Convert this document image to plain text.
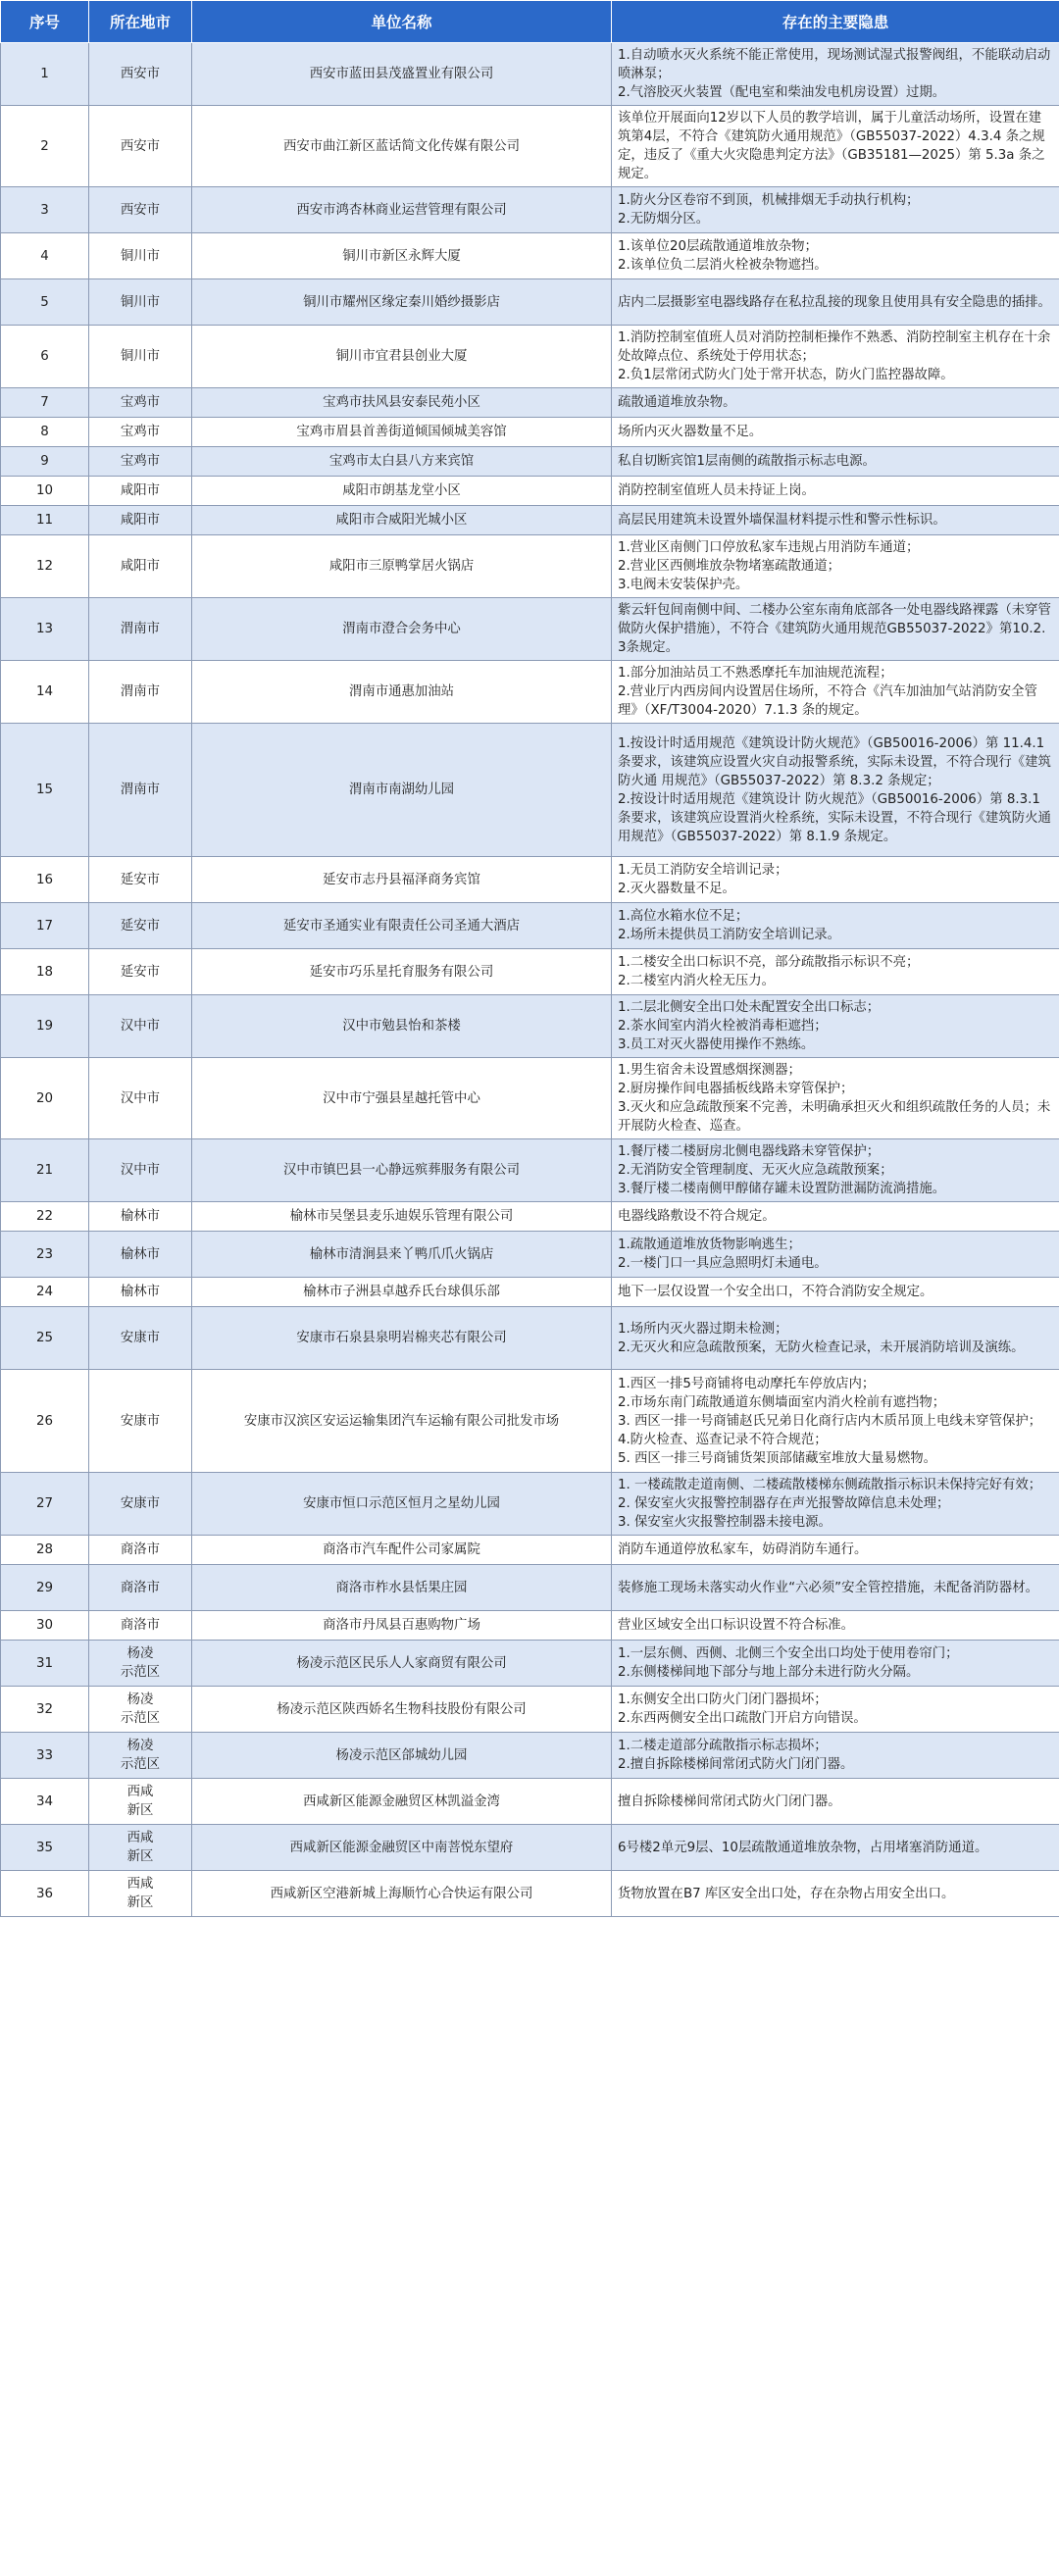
序号	所在地市	单位名称	存在的主要隐患
1	西安市	西安市蓝田县茂盛置业有限公司	1.自动喷水灭火系统不能正常使用，现场测试湿式报警阀组，不能联动启动喷淋泵；
2.气溶胶灭火装置（配电室和柴油发电机房设置）过期。
2	西安市	西安市曲江新区蓝话简文化传媒有限公司	该单位开展面向12岁以下人员的教学培训，属于儿童活动场所，设置在建筑第4层，不符合《建筑防火通用规范》（GB55037-2022）4.3.4 条之规定，违反了《重大火灾隐患判定方法》（GB35181—2025）第 5.3a 条之规定。
3	西安市	西安市鸿杏林商业运营管理有限公司	1.防火分区卷帘不到顶，机械排烟无手动执行机构；
2.无防烟分区。
4	铜川市	铜川市新区永辉大厦	1.该单位20层疏散通道堆放杂物；
2.该单位负二层消火栓被杂物遮挡。
5	铜川市	铜川市耀州区缘定秦川婚纱摄影店	店内二层摄影室电器线路存在私拉乱接的现象且使用具有安全隐患的插排。
6	铜川市	铜川市宜君县创业大厦	1.消防控制室值班人员对消防控制柜操作不熟悉、消防控制室主机存在十余处故障点位、系统处于停用状态；
2.负1层常闭式防火门处于常开状态，防火门监控器故障。
7	宝鸡市	宝鸡市扶风县安泰民苑小区	疏散通道堆放杂物。
8	宝鸡市	宝鸡市眉县首善街道倾国倾城美容馆	场所内灭火器数量不足。
9	宝鸡市	宝鸡市太白县八方来宾馆	私自切断宾馆1层南侧的疏散指示标志电源。
10	咸阳市	咸阳市朗基龙堂小区	消防控制室值班人员未持证上岗。
11	咸阳市	咸阳市合威阳光城小区	高层民用建筑未设置外墙保温材料提示性和警示性标识。
12	咸阳市	咸阳市三原鸭掌居火锅店	1.营业区南侧门口停放私家车违规占用消防车通道；
2.营业区西侧堆放杂物堵塞疏散通道；
3.电阀未安装保护壳。
13	渭南市	渭南市澄合会务中心	紫云轩包间南侧中间、二楼办公室东南角底部各一处电器线路裸露（未穿管做防火保护措施），不符合《建筑防火通用规范GB55037-2022》第10.2.3条规定。
14	渭南市	渭南市通惠加油站	1.部分加油站员工不熟悉摩托车加油规范流程；
2.营业厅内西房间内设置居住场所，不符合《汽车加油加气站消防安全管理》（XF/T3004-2020）7.1.3 条的规定。
15	渭南市	渭南市南湖幼儿园	1.按设计时适用规范《建筑设计防火规范》（GB50016-2006）第 11.4.1 条要求，该建筑应设置火灾自动报警系统，实际未设置，不符合现行《建筑防火通 用规范》（GB55037-2022）第 8.3.2 条规定；
2.按设计时适用规范《建筑设计 防火规范》（GB50016-2006）第 8.3.1 条要求，该建筑应设置消火栓系统，实际未设置，不符合现行《建筑防火通用规范》（GB55037-2022）第 8.1.9 条规定。
16	延安市	延安市志丹县福泽商务宾馆	1.无员工消防安全培训记录；
2.灭火器数量不足。
17	延安市	延安市圣通实业有限责任公司圣通大酒店	1.高位水箱水位不足；
2.场所未提供员工消防安全培训记录。
18	延安市	延安市巧乐星托育服务有限公司	1.二楼安全出口标识不亮，部分疏散指示标识不亮；
2.二楼室内消火栓无压力。
19	汉中市	汉中市勉县怡和茶楼	1.二层北侧安全出口处未配置安全出口标志；
2.茶水间室内消火栓被消毒柜遮挡；
3.员工对灭火器使用操作不熟练。
20	汉中市	汉中市宁强县星越托管中心	1.男生宿舍未设置感烟探测器；
2.厨房操作间电器插板线路未穿管保护；
3.灭火和应急疏散预案不完善，未明确承担灭火和组织疏散任务的人员；未开展防火检查、巡查。
21	汉中市	汉中市镇巴县一心静远殡葬服务有限公司	1.餐厅楼二楼厨房北侧电器线路未穿管保护；
2.无消防安全管理制度、无灭火应急疏散预案；
3.餐厅楼二楼南侧甲醇储存罐未设置防泄漏防流淌措施。
22	榆林市	榆林市吴堡县麦乐迪娱乐管理有限公司	电器线路敷设不符合规定。
23	榆林市	榆林市清涧县来丫鸭爪爪火锅店	1.疏散通道堆放货物影响逃生；
2.一楼门口一具应急照明灯未通电。
24	榆林市	榆林市子洲县卓越乔氏台球俱乐部	地下一层仅设置一个安全出口，不符合消防安全规定。
25	安康市	安康市石泉县泉明岩棉夹芯有限公司	1.场所内灭火器过期未检测；
2.无灭火和应急疏散预案，无防火检查记录，未开展消防培训及演练。
26	安康市	安康市汉滨区安运运输集团汽车运输有限公司批发市场	1.西区一排5号商铺将电动摩托车停放店内；
2.市场东南门疏散通道东侧墙面室内消火栓前有遮挡物；
3. 西区一排一号商铺赵氏兄弟日化商行店内木质吊顶上电线未穿管保护；
4.防火检查、巡查记录不符合规范；
5. 西区一排三号商铺货架顶部储藏室堆放大量易燃物。
27	安康市	安康市恒口示范区恒月之星幼儿园	1. 一楼疏散走道南侧、二楼疏散楼梯东侧疏散指示标识未保持完好有效；
2. 保安室火灾报警控制器存在声光报警故障信息未处理；
3. 保安室火灾报警控制器未接电源。
28	商洛市	商洛市汽车配件公司家属院	消防车通道停放私家车，妨碍消防车通行。
29	商洛市	商洛市柞水县恬果庄园	装修施工现场未落实动火作业“六必须”安全管控措施，未配备消防器材。
30	商洛市	商洛市丹凤县百惠购物广场	营业区域安全出口标识设置不符合标准。
31	杨凌
示范区	杨凌示范区民乐人人家商贸有限公司	1.一层东侧、西侧、北侧三个安全出口均处于使用卷帘门；
2.东侧楼梯间地下部分与地上部分未进行防火分隔。
32	杨凌
示范区	杨凌示范区陕西娇名生物科技股份有限公司	1.东侧安全出口防火门闭门器损坏；
2.东西两侧安全出口疏散门开启方向错误。
33	杨凌
示范区	杨凌示范区郃城幼儿园	1.二楼走道部分疏散指示标志损坏；
2.擅自拆除楼梯间常闭式防火门闭门器。
34	西咸
新区	西咸新区能源金融贸区林凯溢金湾	擅自拆除楼梯间常闭式防火门闭门器。
35	西咸
新区	西咸新区能源金融贸区中南菩悦东望府	6号楼2单元9层、10层疏散通道堆放杂物，占用堵塞消防通道。
36	西咸
新区	西咸新区空港新城上海顺竹心合快运有限公司	货物放置在B7 库区安全出口处，存在杂物占用安全出口。
